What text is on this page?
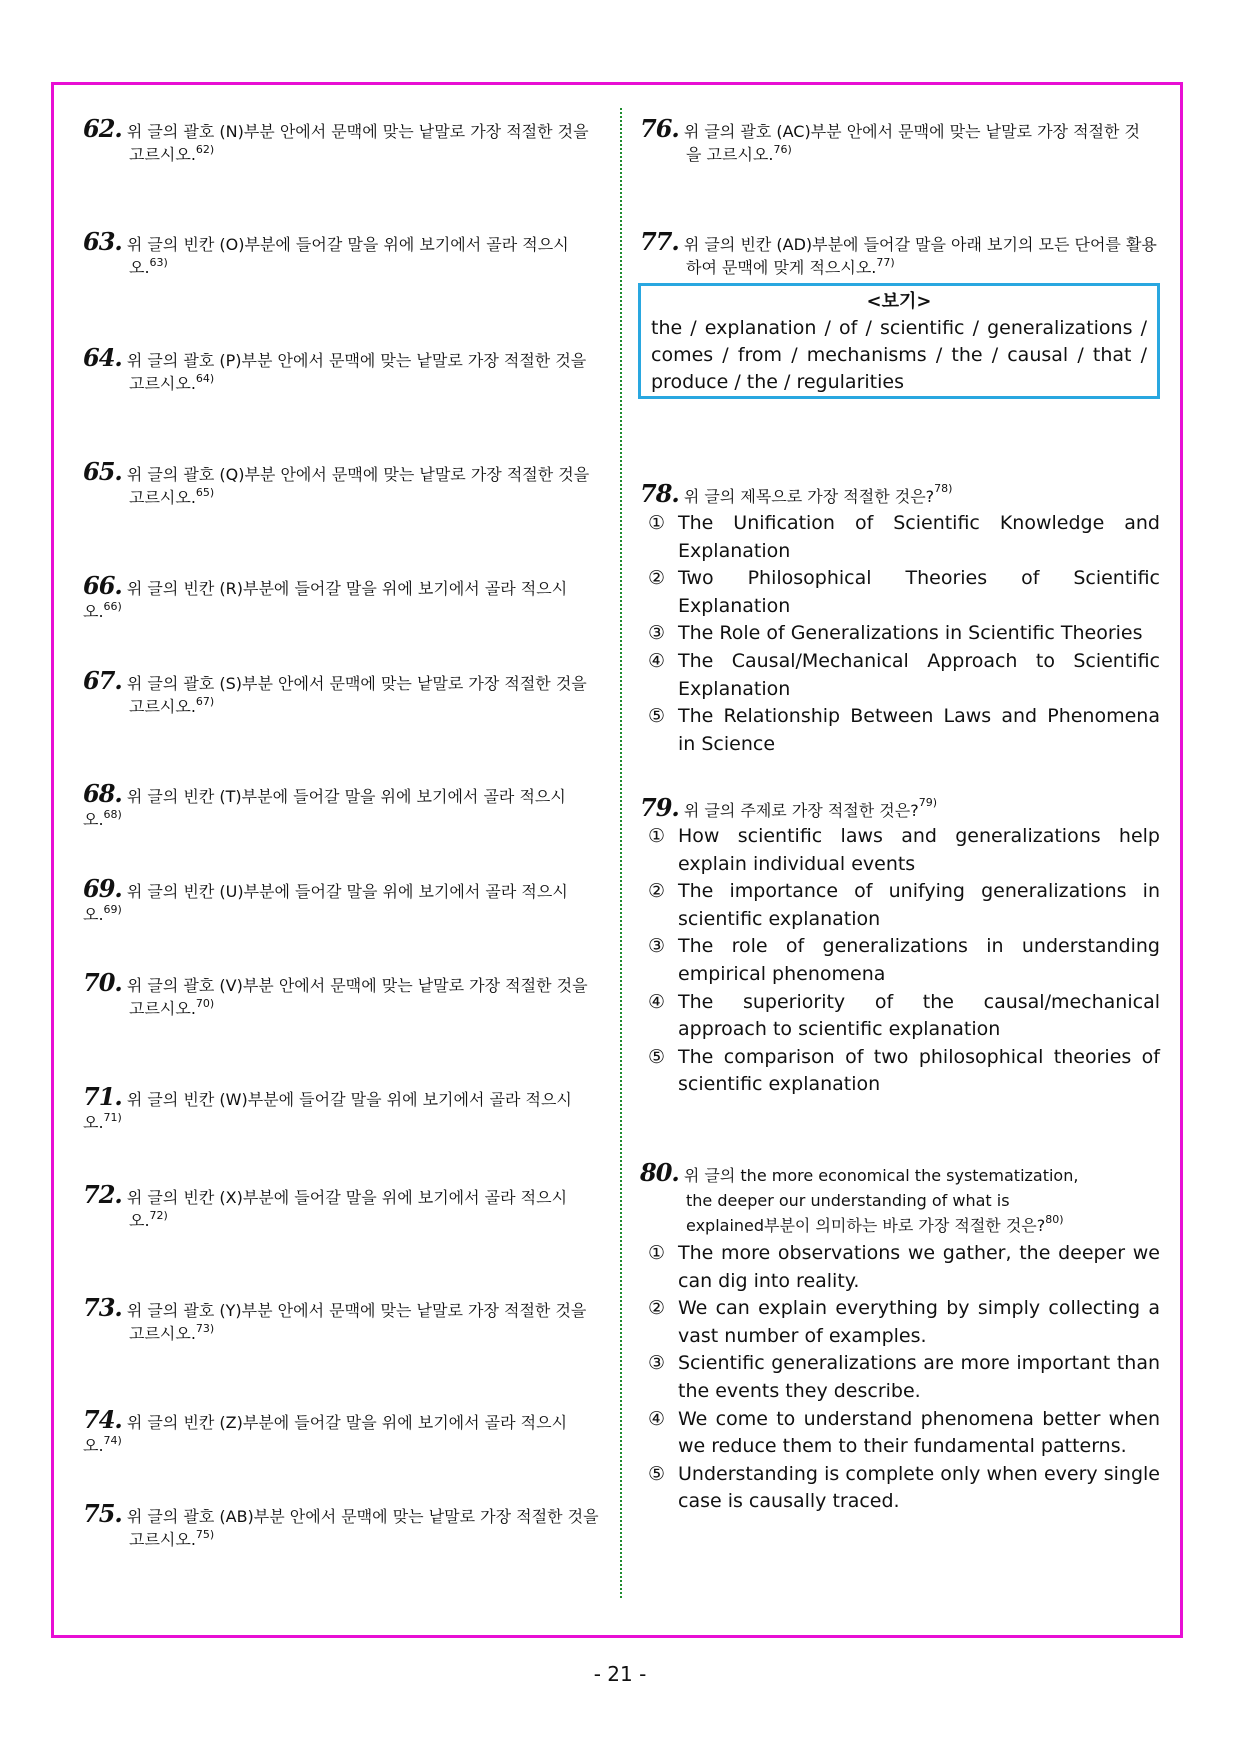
62. 위 글의 괄호 (N)부분 안에서 문맥에 맞는 낱말로 가장 적절한 것을
고르시오.$^{62)}$
63. 위 글의 빈칸 (O)부분에 들어갈 말을 위에 보기에서 골라 적으시
오.$^{63)}$
64. 위 글의 괄호 (P)부분 안에서 문맥에 맞는 낱말로 가장 적절한 것을
고르시오.$^{64)}$
65. 위 글의 괄호 (Q)부분 안에서 문맥에 맞는 낱말로 가장 적절한 것을
고르시오.$^{65)}$
66. 위 글의 빈칸 (R)부분에 들어갈 말을 위에 보기에서 골라 적으시오.$^{66)}$
67. 위 글의 괄호 (S)부분 안에서 문맥에 맞는 낱말로 가장 적절한 것을
고르시오.$^{67)}$
68. 위 글의 빈칸 (T)부분에 들어갈 말을 위에 보기에서 골라 적으시오.$^{68)}$
69. 위 글의 빈칸 (U)부분에 들어갈 말을 위에 보기에서 골라 적으시오.$^{69)}$
70. 위 글의 괄호 (V)부분 안에서 문맥에 맞는 낱말로 가장 적절한 것을
고르시오.$^{70)}$
71. 위 글의 빈칸 (W)부분에 들어갈 말을 위에 보기에서 골라 적으시오.$^{71)}$
72. 위 글의 빈칸 (X)부분에 들어갈 말을 위에 보기에서 골라 적으시
오.$^{72)}$
73. 위 글의 괄호 (Y)부분 안에서 문맥에 맞는 낱말로 가장 적절한 것을
고르시오.$^{73)}$
74. 위 글의 빈칸 (Z)부분에 들어갈 말을 위에 보기에서 골라 적으시오.$^{74)}$
75. 위 글의 괄호 (AB)부분 안에서 문맥에 맞는 낱말로 가장 적절한 것을
고르시오.$^{75)}$
76. 위 글의 괄호 (AC)부분 안에서 문맥에 맞는 낱말로 가장 적절한 것
을 고르시오.$^{76)}$
77. 위 글의 빈칸 (AD)부분에 들어갈 말을 아래 보기의 모든 단어를 활용
하여 문맥에 맞게 적으시오.$^{77)}$
<보기>
the / explanation / of / scientific / generalizations / comes / from / mechanisms / the / causal / that / produce / the / regularities
78. 위 글의 제목으로 가장 적절한 것은?$^{78)}$
① The Unification of Scientific Knowledge and Explanation
② Two Philosophical Theories of Scientific Explanation
③ The Role of Generalizations in Scientific Theories
④ The Causal/Mechanical Approach to Scientific Explanation
⑤ The Relationship Between Laws and Phenomena in Science
79. 위 글의 주제로 가장 적절한 것은?$^{79)}$
① How scientific laws and generalizations help explain individual events
② The importance of unifying generalizations in scientific explanation
③ The role of generalizations in understanding empirical phenomena
④ The superiority of the causal/mechanical approach to scientific explanation
⑤ The comparison of two philosophical theories of scientific explanation
80. 위 글의 the more economical the systematization,
the deeper our understanding of what is
explained부분이 의미하는 바로 가장 적절한 것은?$^{80)}$
① The more observations we gather, the deeper we can dig into reality.
② We can explain everything by simply collecting a vast number of examples.
③ Scientific generalizations are more important than the events they describe.
④ We come to understand phenomena better when we reduce them to their fundamental patterns.
⑤ Understanding is complete only when every single case is causally traced.
- 21 -
